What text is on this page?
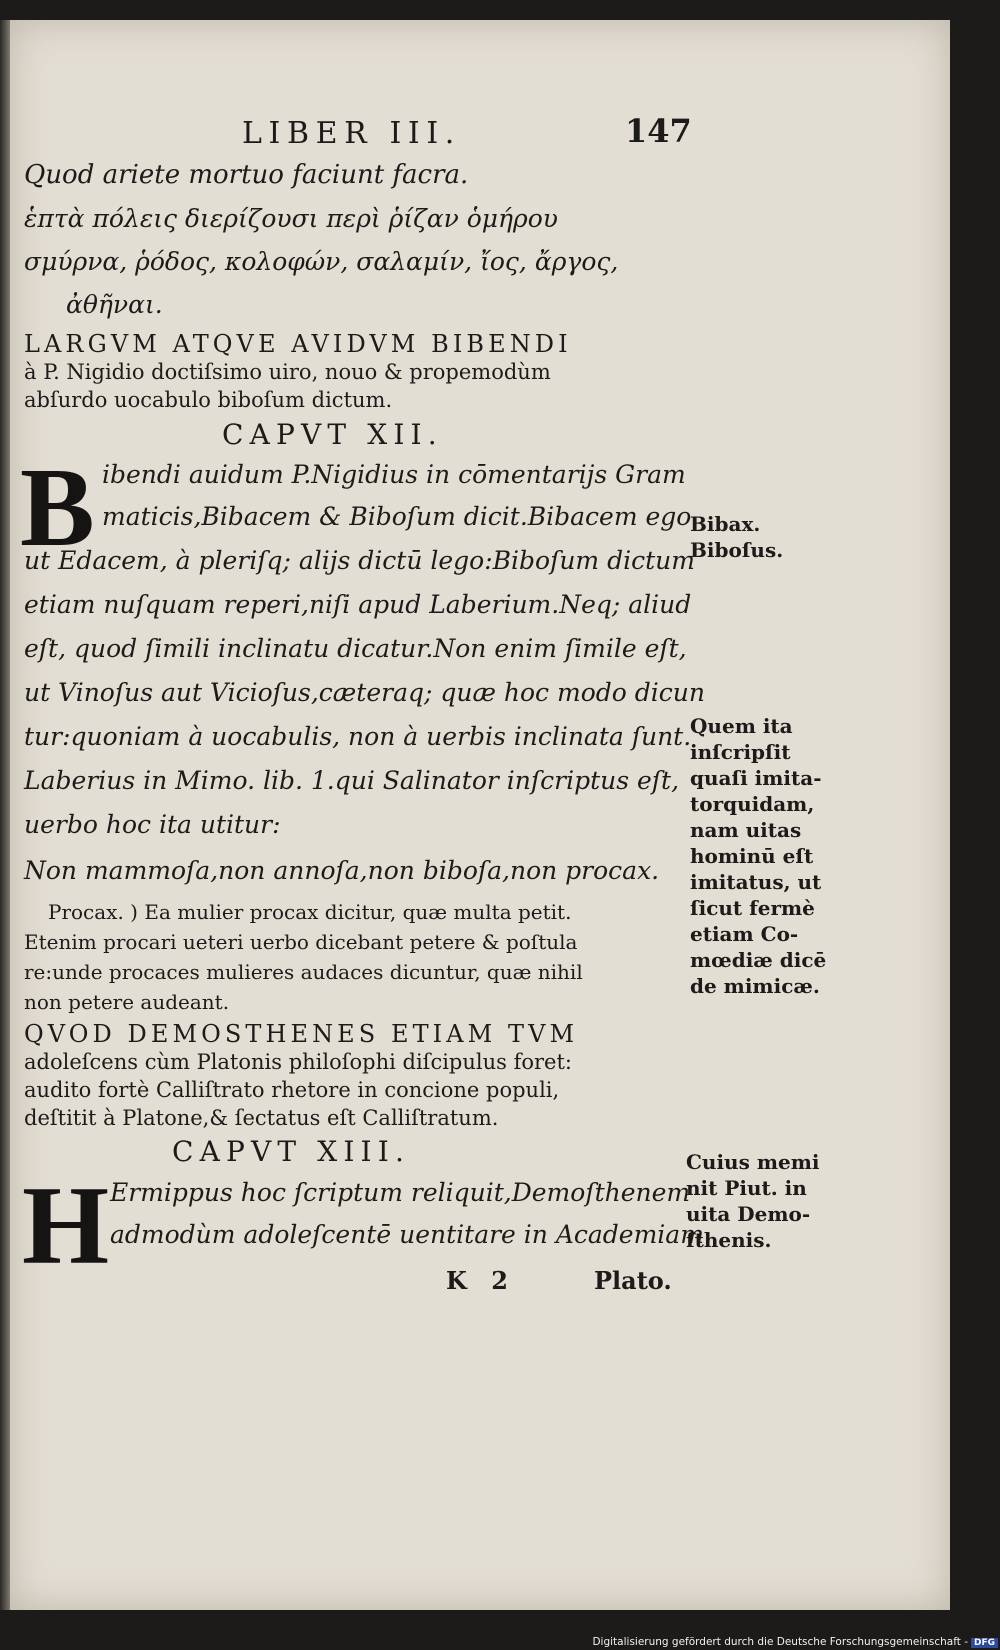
LIBER III.	147
Quod ariete mortuo faciunt facra.
ἑπτὰ πόλεις διερίζουσι περὶ ῥίζαν ὁμήρου
σμύρνα, ῥόδος, κολοφών, σαλαμίν, ἴος, ἄργος,
ἀθῆναι.
LARGVM ATQVE AVIDVM BIBENDI
à P. Nigidio doctiſsimo uiro, nouo & propemodùm
abſurdo uocabulo biboſum dictum.
CAPVT XII.
B ibendi auidum P.Nigidius in cōmentarijs Gram
maticis,Bibacem & Biboſum dicit.Bibacem ego
ut Edacem, à pleriſq; alijs dictū lego:Biboſum dictum
etiam nuſquam reperi,niſi apud Laberium.Neq; aliud
eſt, quod ſimili inclinatu dicatur.Non enim ſimile eſt,
ut Vinoſus aut Vicioſus,cæteraq; quæ hoc modo dicun
tur:quoniam à uocabulis, non à uerbis inclinata ſunt.
Laberius in Mimo. lib. 1.qui Salinator inſcriptus eſt,
uerbo hoc ita utitur:
Non mammoſa,non annoſa,non biboſa,non procax.
Procax. ) Ea mulier procax dicitur, quæ multa petit.
Etenim procari ueteri uerbo dicebant petere & poſtula
re:unde procaces mulieres audaces dicuntur, quæ nihil
non petere audeant.
QVOD DEMOSTHENES ETIAM TVM
adoleſcens cùm Platonis philoſophi diſcipulus foret:
audito fortè Calliſtrato rhetore in concione populi,
deſtitit à Platone,& ſectatus eſt Calliſtratum.
CAPVT XIII.
H Ermippus hoc ſcriptum reliquit,Demoſthenem
admodùm adoleſcentē uentitare in Academiam
K 2	Plato.
Bibax.
Biboſus.
Quem ita
inſcripſit
quaſi imita-
torquidam,
nam uitas
hominū eſt
imitatus, ut
ſicut fermè
etiam Co-
mœdiæ dicē
de mimicæ.
Cuius memi
nit Piut. in
uita Demo-
ſthenis.
Digitalisierung gefördert durch die Deutsche Forschungsgemeinschaft - DFG
